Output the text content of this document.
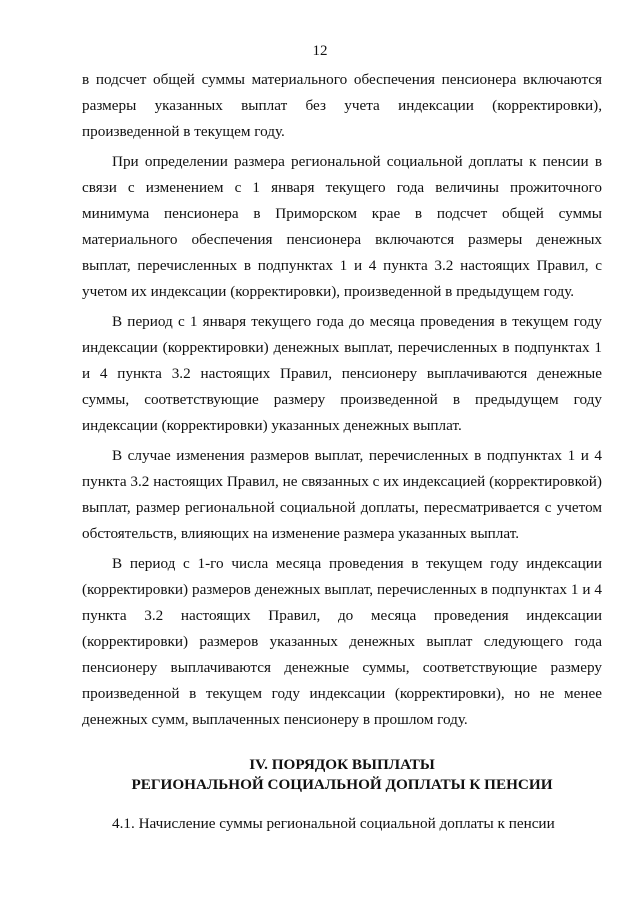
12

в подсчет общей суммы материального обеспечения пенсионера включаются размеры указанных выплат без учета индексации (корректировки), произведенной в текущем году.

При определении размера региональной социальной доплаты к пенсии в связи с изменением с 1 января текущего года величины прожиточного минимума пенсионера в Приморском крае в подсчет общей суммы материального обеспечения пенсионера включаются размеры денежных выплат, перечисленных в подпунктах 1 и 4 пункта 3.2 настоящих Правил, с учетом их индексации (корректировки), произведенной в предыдущем году.

В период с 1 января текущего года до месяца проведения в текущем году индексации (корректировки) денежных выплат, перечисленных в подпунктах 1 и 4 пункта 3.2 настоящих Правил, пенсионеру выплачиваются денежные суммы, соответствующие размеру произведенной в предыдущем году индексации (корректировки) указанных денежных выплат.

В случае изменения размеров выплат, перечисленных в подпунктах 1 и 4 пункта 3.2 настоящих Правил, не связанных с их индексацией (корректировкой) выплат, размер региональной социальной доплаты, пересматривается с учетом обстоятельств, влияющих на изменение размера указанных выплат.

В период с 1-го числа месяца проведения в текущем году индексации (корректировки) размеров денежных выплат, перечисленных в подпунктах 1 и 4 пункта 3.2 настоящих Правил, до месяца проведения индексации (корректировки) размеров указанных денежных выплат следующего года пенсионеру выплачиваются денежные суммы, соответствующие размеру произведенной в текущем году индексации (корректировки), но не менее денежных сумм, выплаченных пенсионеру в прошлом году.

IV. ПОРЯДОК ВЫПЛАТЫ
РЕГИОНАЛЬНОЙ СОЦИАЛЬНОЙ ДОПЛАТЫ К ПЕНСИИ

4.1. Начисление суммы региональной социальной доплаты к пенсии
